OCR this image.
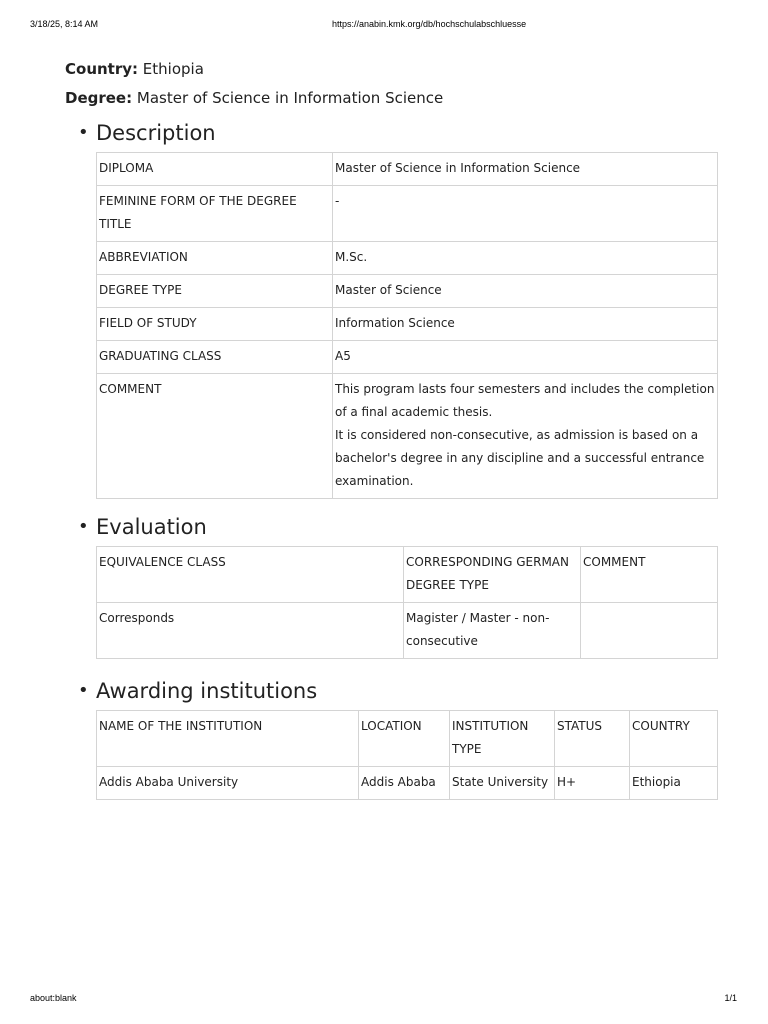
3/18/25, 8:14 AM	https://anabin.kmk.org/db/hochschulabschluesse
Country: Ethiopia
Degree: Master of Science in Information Science
• Description
DIPLOMA	Master of Science in Information Science
FEMININE FORM OF THE DEGREE TITLE	-
ABBREVIATION	M.Sc.
DEGREE TYPE	Master of Science
FIELD OF STUDY	Information Science
GRADUATING CLASS	A5
COMMENT	This program lasts four semesters and includes the completion of a final academic thesis.
It is considered non-consecutive, as admission is based on a bachelor's degree in any discipline and a successful entrance examination.
• Evaluation
EQUIVALENCE CLASS	CORRESPONDING GERMAN DEGREE TYPE	COMMENT
Corresponds	Magister / Master - non-consecutive	
• Awarding institutions
NAME OF THE INSTITUTION	LOCATION	INSTITUTION TYPE	STATUS	COUNTRY
Addis Ababa University	Addis Ababa	State University	H+	Ethiopia
about:blank	1/1
